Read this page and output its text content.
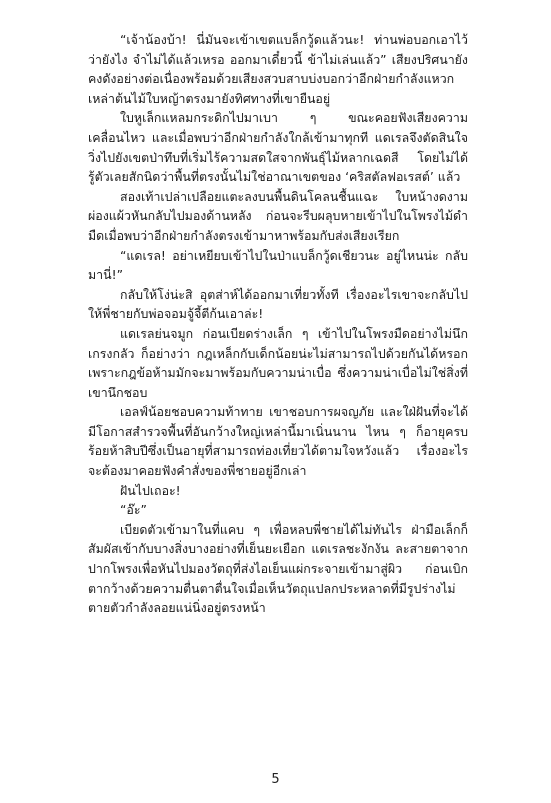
“เจ้าน้องบ้า! นี่มันจะเข้าเขตแบล็กวู้ดแล้วนะ! ท่านพ่อบอกเอาไว้ว่ายังไง จำไม่ได้แล้วเหรอ ออกมาเดี๋ยวนี้ ข้าไม่เล่นแล้ว” เสียงปริศนายังคงดังอย่างต่อเนื่องพร้อมด้วยเสียงสวบสาบบ่งบอกว่าอีกฝ่ายกำลังแหวกเหล่าต้นไม้ใบหญ้าตรงมายังทิศทางที่เขายืนอยู่

ใบหูเล็กแหลมกระดิกไปมาเบา ๆ ขณะคอยฟังเสียงความเคลื่อนไหว และเมื่อพบว่าอีกฝ่ายกำลังใกล้เข้ามาทุกที แดเรลจึงตัดสินใจวิ่งไปยังเขตป่าทึบที่เริ่มไร้ความสดใสจากพันธุ์ไม้หลากเฉดสี โดยไม่ได้รู้ตัวเลยสักนิดว่าพื้นที่ตรงนั้นไม่ใช่อาณาเขตของ ‘คริสตัลฟอเรสต์’ แล้ว

สองเท้าเปล่าเปลือยแตะลงบนพื้นดินโคลนชื้นแฉะ ใบหน้างดงามผ่องแผ้วหันกลับไปมองด้านหลัง ก่อนจะรีบผลุบหายเข้าไปในโพรงไม้ดำมืดเมื่อพบว่าอีกฝ่ายกำลังตรงเข้ามาหาพร้อมกับส่งเสียงเรียก

“แดเรล! อย่าเหยียบเข้าไปในป่าแบล็กวู้ดเชียวนะ อยู่ไหนน่ะ กลับมานี่!”

กลับให้โง่น่ะสิ อุตส่าห์ได้ออกมาเที่ยวทั้งที เรื่องอะไรเขาจะกลับไปให้พี่ชายกับพ่อจอมจู้จี้ตีก้นเอาล่ะ!

แดเรลย่นจมูก ก่อนเบียดร่างเล็ก ๆ เข้าไปในโพรงมืดอย่างไม่นึกเกรงกลัว ก็อย่างว่า กฎเหล็กกับเด็กน้อยน่ะไม่สามารถไปด้วยกันได้หรอก เพราะกฎข้อห้ามมักจะมาพร้อมกับความน่าเบื่อ ซึ่งความน่าเบื่อไม่ใช่สิ่งที่เขานึกชอบ

เอลฟ์น้อยชอบความท้าทาย เขาชอบการผจญภัย และใฝ่ฝันที่จะได้มีโอกาสสำรวจพื้นที่อันกว้างใหญ่เหล่านี้มาเนิ่นนาน ไหน ๆ ก็อายุครบร้อยห้าสิบปีซึ่งเป็นอายุที่สามารถท่องเที่ยวได้ตามใจหวังแล้ว เรื่องอะไรจะต้องมาคอยฟังคำสั่งของพี่ชายอยู่อีกเล่า

ฝันไปเถอะ!

“อ๊ะ”

เบียดตัวเข้ามาในที่แคบ ๆ เพื่อหลบพี่ชายได้ไม่ทันไร ฝ่ามือเล็กก็สัมผัสเข้ากับบางสิ่งบางอย่างที่เย็นยะเยือก แดเรลชะงักงัน ละสายตาจากปากโพรงเพื่อหันไปมองวัตถุที่ส่งไอเย็นแผ่กระจายเข้ามาสู่ผิว ก่อนเบิกตากว้างด้วยความตื่นตาตื่นใจเมื่อเห็นวัตถุแปลกประหลาดที่มีรูปร่างไม่ตายตัวกำลังลอยแน่นิ่งอยู่ตรงหน้า

5
